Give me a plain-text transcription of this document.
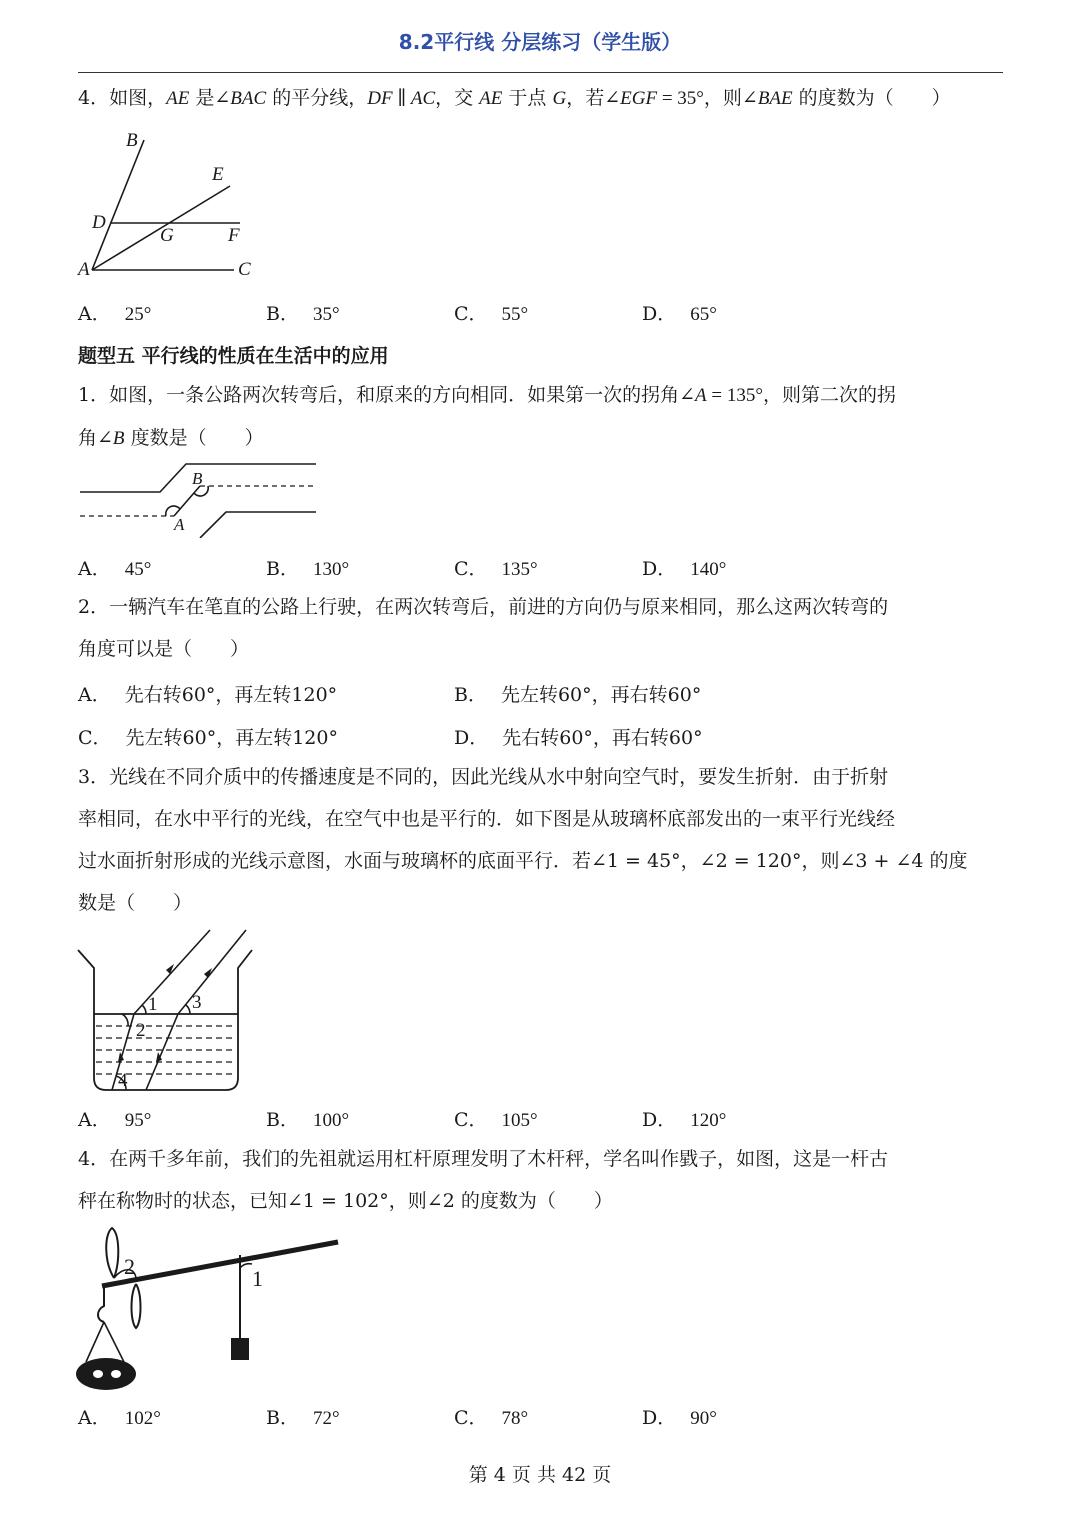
8.2平行线 分层练习（学生版）
4．如图，AE 是∠BAC 的平分线，DF ∥ AC，交 AE 于点 G，若∠EGF = 35°，则∠BAE 的度数为（　　）
B
E
D
G	F
A	C
A． 25°	B． 35°	C． 55°	D． 65°
题型五 平行线的性质在生活中的应用
1．如图，一条公路两次转弯后，和原来的方向相同．如果第一次的拐角∠A = 135°，则第二次的拐
角∠B 度数是（　　）
B
A
A． 45°	B． 130°	C． 135°	D． 140°
2．一辆汽车在笔直的公路上行驶，在两次转弯后，前进的方向仍与原来相同，那么这两次转弯的
角度可以是（　　）
A． 先右转60°，再左转120°	B． 先左转60°，再右转60°
C． 先左转60°，再左转120°	D． 先右转60°，再右转60°
3．光线在不同介质中的传播速度是不同的，因此光线从水中射向空气时，要发生折射．由于折射
率相同，在水中平行的光线，在空气中也是平行的．如下图是从玻璃杯底部发出的一束平行光线经
过水面折射形成的光线示意图，水面与玻璃杯的底面平行．若∠1 = 45°，∠2 = 120°，则∠3 + ∠4 的度
数是（　　）
1
2
3
4
A． 95°	B． 100°	C． 105°	D． 120°
4．在两千多年前，我们的先祖就运用杠杆原理发明了木杆秤，学名叫作戥子，如图，这是一杆古
秤在称物时的状态，已知∠1 = 102°，则∠2 的度数为（　　）
2	1
A． 102°	B． 72°	C． 78°	D． 90°
第 4 页 共 42 页
